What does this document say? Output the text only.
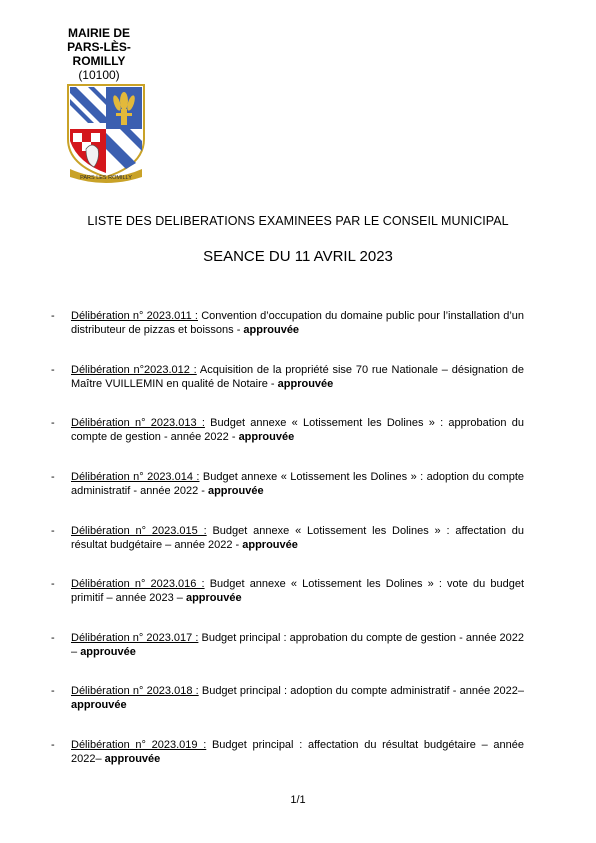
MAIRIE DE
PARS-LÈS-ROMILLY
(10100)
PARS LES ROMILLY
LISTE DES DELIBERATIONS EXAMINEES PAR LE CONSEIL MUNICIPAL
SEANCE DU 11 AVRIL 2023
- Délibération n° 2023.011 : Convention d’occupation du domaine public pour l’installation d’un distributeur de pizzas et boissons - approuvée
- Délibération n°2023.012 : Acquisition de la propriété sise 70 rue Nationale – désignation de Maître VUILLEMIN en qualité de Notaire - approuvée
- Délibération n° 2023.013 : Budget annexe « Lotissement les Dolines » : approbation du compte de gestion - année 2022 - approuvée
- Délibération n° 2023.014 : Budget annexe « Lotissement les Dolines » : adoption du compte administratif - année 2022 - approuvée
- Délibération n° 2023.015 : Budget annexe « Lotissement les Dolines » : affectation du résultat budgétaire – année 2022 - approuvée
- Délibération n° 2023.016 : Budget annexe « Lotissement les Dolines » : vote du budget primitif – année 2023 – approuvée
- Délibération n° 2023.017 : Budget principal : approbation du compte de gestion - année 2022 – approuvée
- Délibération n° 2023.018 : Budget principal : adoption du compte administratif - année 2022– approuvée
- Délibération n° 2023.019 : Budget principal : affectation du résultat budgétaire – année 2022– approuvée
1/1
